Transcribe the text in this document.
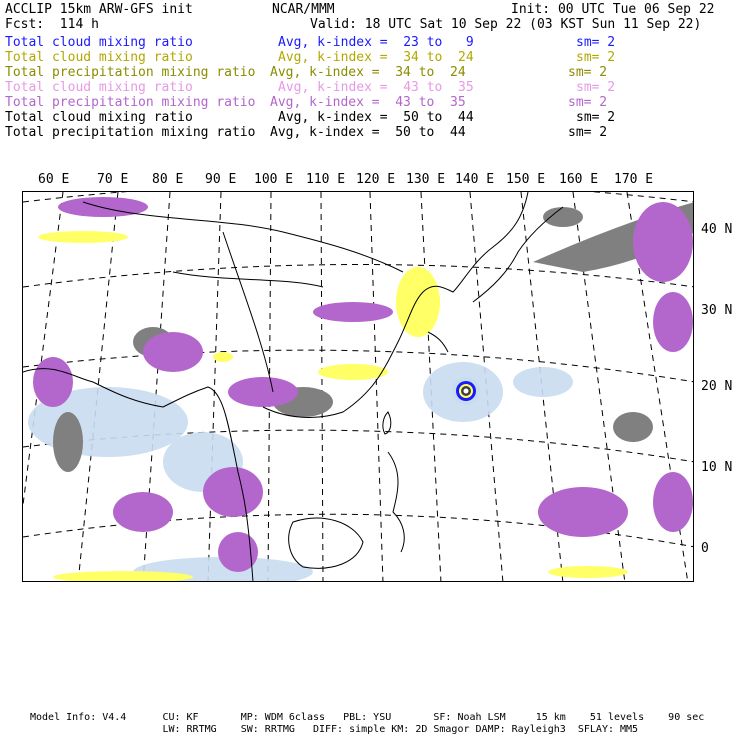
ACCLIP 15km ARW-GFS init	NCAR/MMM	Init: 00 UTC Tue 06 Sep 22
Fcst:  114 h	Valid: 18 UTC Sat 10 Sep 22 (03 KST Sun 11 Sep 22)
Total cloud mixing ratio	Avg, k-index =  23 to   9	sm= 2
Total cloud mixing ratio	Avg, k-index =  34 to  24	sm= 2
Total precipitation mixing ratio Avg, k-index =  34 to  24	sm= 2
Total cloud mixing ratio	Avg, k-index =  43 to  35	sm= 2
Total precipitation mixing ratio Avg, k-index =  43 to  35	sm= 2
Total cloud mixing ratio	Avg, k-index =  50 to  44	sm= 2
Total precipitation mixing ratio Avg, k-index =  50 to  44	sm= 2
60 E 70 E 80 E 90 E 100 E 110 E 120 E 130 E 140 E 150 E 160 E 170 E
40 N
30 N
20 N
10 N
0
Model Info: V4.4      CU: KF       MP: WDM 6class   PBL: YSU       SF: Noah LSM     15 km    51 levels    90 sec
LW: RRTMG    SW: RRTMG   DIFF: simple KM: 2D Smagor DAMP: Rayleigh3  SFLAY: MM5
